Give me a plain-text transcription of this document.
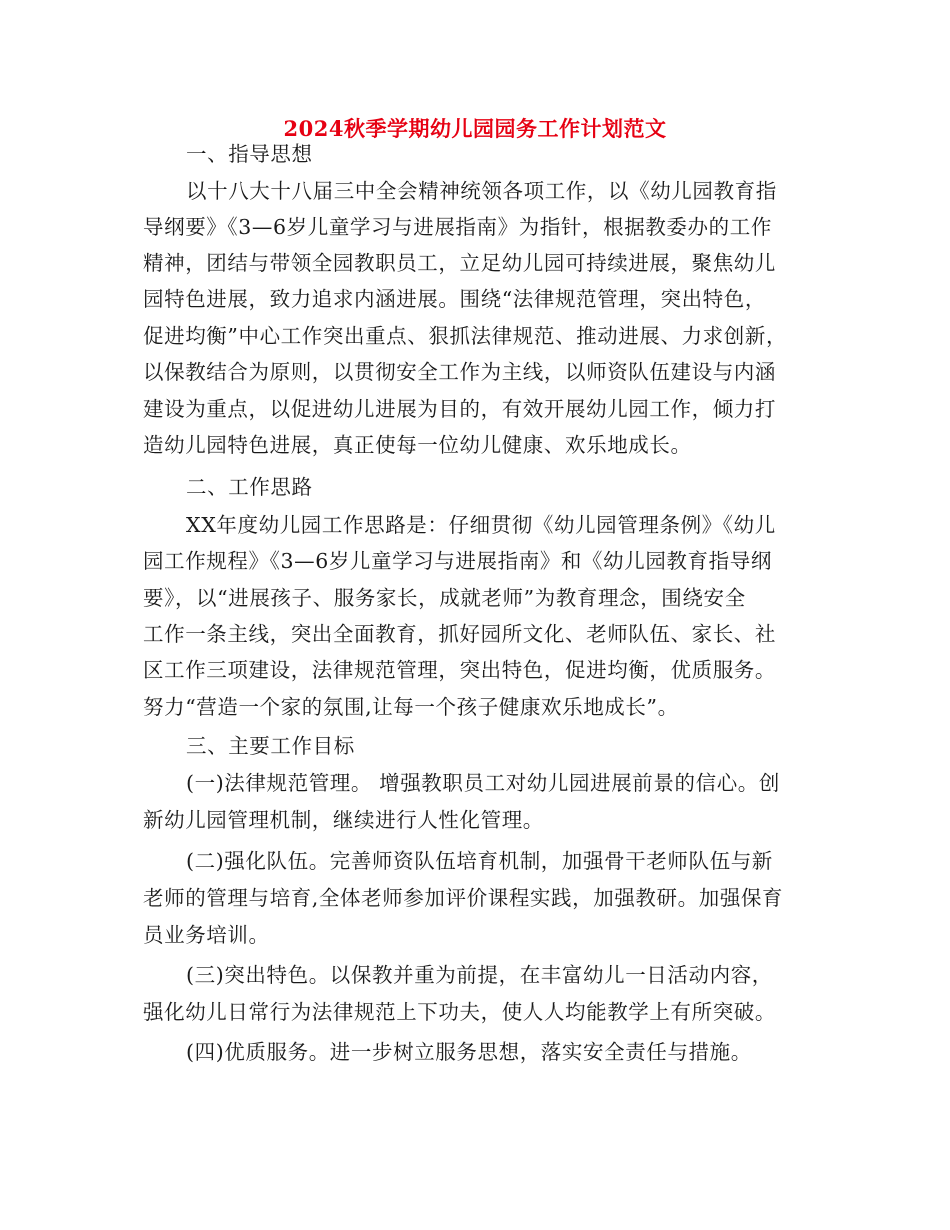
2024秋季学期幼儿园园务工作计划范文
一、指导思想
以十八大十八届三中全会精神统领各项工作，以《幼儿园教育指
导纲要》《3—6岁儿童学习与进展指南》为指针，根据教委办的工作
精神，团结与带领全园教职员工，立足幼儿园可持续进展，聚焦幼儿
园特色进展，致力追求内涵进展。围绕“法律规范管理，突出特色，
促进均衡”中心工作突出重点、狠抓法律规范、推动进展、力求创新，
以保教结合为原则，以贯彻安全工作为主线，以师资队伍建设与内涵
建设为重点，以促进幼儿进展为目的，有效开展幼儿园工作，倾力打
造幼儿园特色进展，真正使每一位幼儿健康、欢乐地成长。
二、工作思路
XX年度幼儿园工作思路是：仔细贯彻《幼儿园管理条例》《幼儿
园工作规程》《3—6岁儿童学习与进展指南》和《幼儿园教育指导纲
要》，以“进展孩子、服务家长，成就老师”为教育理念，围绕安全
工作一条主线，突出全面教育，抓好园所文化、老师队伍、家长、社
区工作三项建设，法律规范管理，突出特色，促进均衡，优质服务。
努力“营造一个家的氛围,让每一个孩子健康欢乐地成长”。
三、主要工作目标
(一)法律规范管理。 增强教职员工对幼儿园进展前景的信心。创
新幼儿园管理机制，继续进行人性化管理。
(二)强化队伍。完善师资队伍培育机制，加强骨干老师队伍与新
老师的管理与培育,全体老师参加评价课程实践，加强教研。加强保育
员业务培训。
(三)突出特色。以保教并重为前提，在丰富幼儿一日活动内容，
强化幼儿日常行为法律规范上下功夫，使人人均能教学上有所突破。
(四)优质服务。进一步树立服务思想，落实安全责任与措施。
